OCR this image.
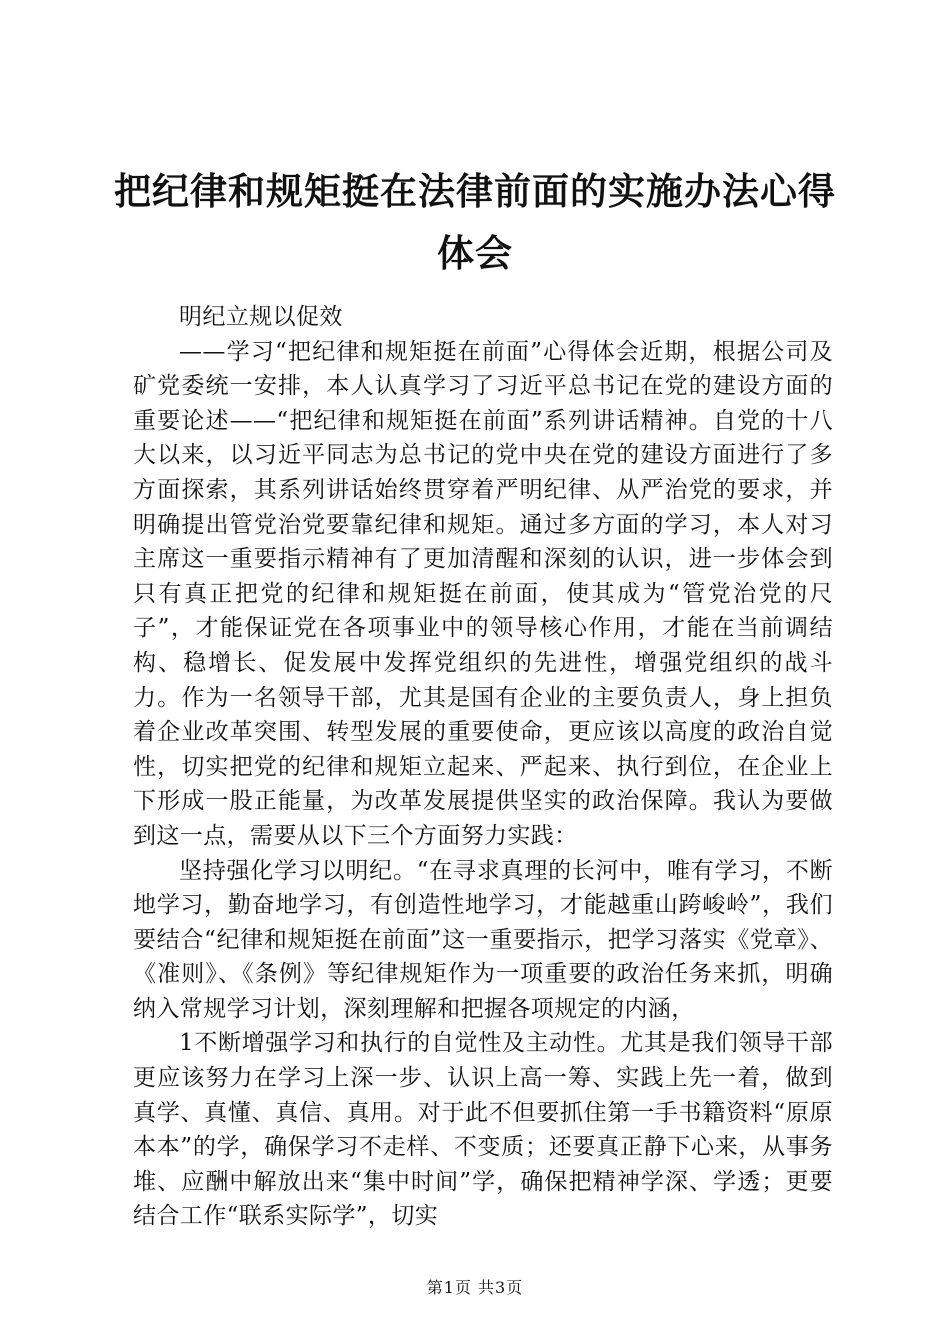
把纪律和规矩挺在法律前面的实施办法心得体会

明纪立规以促效

——学习“把纪律和规矩挺在前面”心得体会近期，根据公司及矿党委统一安排，本人认真学习了习近平总书记在党的建设方面的重要论述——“把纪律和规矩挺在前面”系列讲话精神。自党的十八大以来，以习近平同志为总书记的党中央在党的建设方面进行了多方面探索，其系列讲话始终贯穿着严明纪律、从严治党的要求，并明确提出管党治党要靠纪律和规矩。通过多方面的学习，本人对习主席这一重要指示精神有了更加清醒和深刻的认识，进一步体会到只有真正把党的纪律和规矩挺在前面，使其成为“管党治党的尺子”，才能保证党在各项事业中的领导核心作用，才能在当前调结构、稳增长、促发展中发挥党组织的先进性，增强党组织的战斗力。作为一名领导干部，尤其是国有企业的主要负责人，身上担负着企业改革突围、转型发展的重要使命，更应该以高度的政治自觉性，切实把党的纪律和规矩立起来、严起来、执行到位，在企业上下形成一股正能量，为改革发展提供坚实的政治保障。我认为要做到这一点，需要从以下三个方面努力实践：

坚持强化学习以明纪。“在寻求真理的长河中，唯有学习，不断地学习，勤奋地学习，有创造性地学习，才能越重山跨峻岭”，我们要结合“纪律和规矩挺在前面”这一重要指示，把学习落实《党章》、《准则》、《条例》等纪律规矩作为一项重要的政治任务来抓，明确纳入常规学习计划，深刻理解和把握各项规定的内涵，

1不断增强学习和执行的自觉性及主动性。尤其是我们领导干部更应该努力在学习上深一步、认识上高一筹、实践上先一着，做到真学、真懂、真信、真用。对于此不但要抓住第一手书籍资料“原原本本”的学，确保学习不走样、不变质；还要真正静下心来，从事务堆、应酬中解放出来“集中时间”学，确保把精神学深、学透；更要结合工作“联系实际学”，切实

第1页 共3页
